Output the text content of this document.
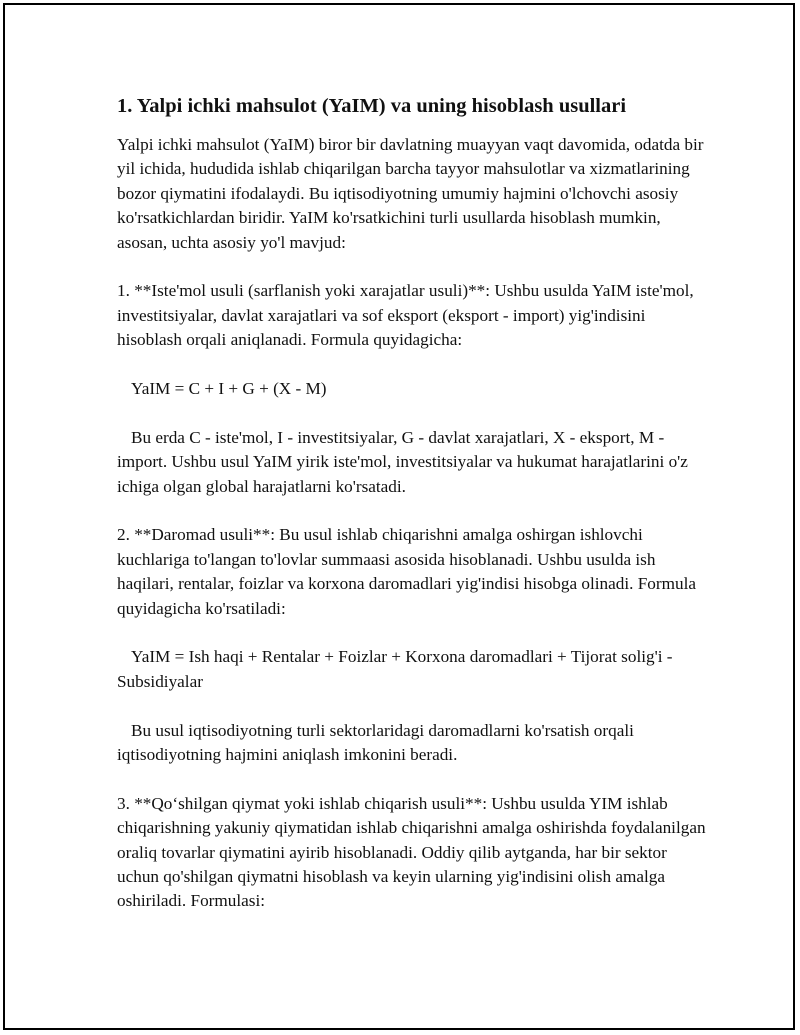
1. Yalpi ichki mahsulot (YaIM) va uning hisoblash usullari

Yalpi ichki mahsulot (YaIM) biror bir davlatning muayyan vaqt davomida, odatda bir yil ichida, hududida ishlab chiqarilgan barcha tayyor mahsulotlar va xizmatlarining bozor qiymatini ifodalaydi. Bu iqtisodiyotning umumiy hajmini o'lchovchi asosiy ko'rsatkichlardan biridir. YaIM ko'rsatkichini turli usullarda hisoblash mumkin, asosan, uchta asosiy yo'l mavjud:

1. **Iste'mol usuli (sarflanish yoki xarajatlar usuli)**: Ushbu usulda YaIM iste'mol, investitsiyalar, davlat xarajatlari va sof eksport (eksport - import) yig'indisini hisoblash orqali aniqlanadi. Formula quyidagicha:

YaIM = C + I + G + (X - M)

Bu erda C - iste'mol, I - investitsiyalar, G - davlat xarajatlari, X - eksport, M - import. Ushbu usul YaIM yirik iste'mol, investitsiyalar va hukumat harajatlarini o'z ichiga olgan global harajatlarni ko'rsatadi.

2. **Daromad usuli**: Bu usul ishlab chiqarishni amalga oshirgan ishlovchi kuchlariga to'langan to'lovlar summaasi asosida hisoblanadi. Ushbu usulda ish haqilari, rentalar, foizlar va korxona daromadlari yig'indisi hisobga olinadi. Formula quyidagicha ko'rsatiladi:

YaIM = Ish haqi + Rentalar + Foizlar + Korxona daromadlari + Tijorat solig'i - Subsidiyalar

Bu usul iqtisodiyotning turli sektorlaridagi daromadlarni ko'rsatish orqali iqtisodiyotning hajmini aniqlash imkonini beradi.

3. **Qo‘shilgan qiymat yoki ishlab chiqarish usuli**: Ushbu usulda YIM ishlab chiqarishning yakuniy qiymatidan ishlab chiqarishni amalga oshirishda foydalanilgan oraliq tovarlar qiymatini ayirib hisoblanadi. Oddiy qilib aytganda, har bir sektor uchun qo'shilgan qiymatni hisoblash va keyin ularning yig'indisini olish amalga oshiriladi. Formulasi:
